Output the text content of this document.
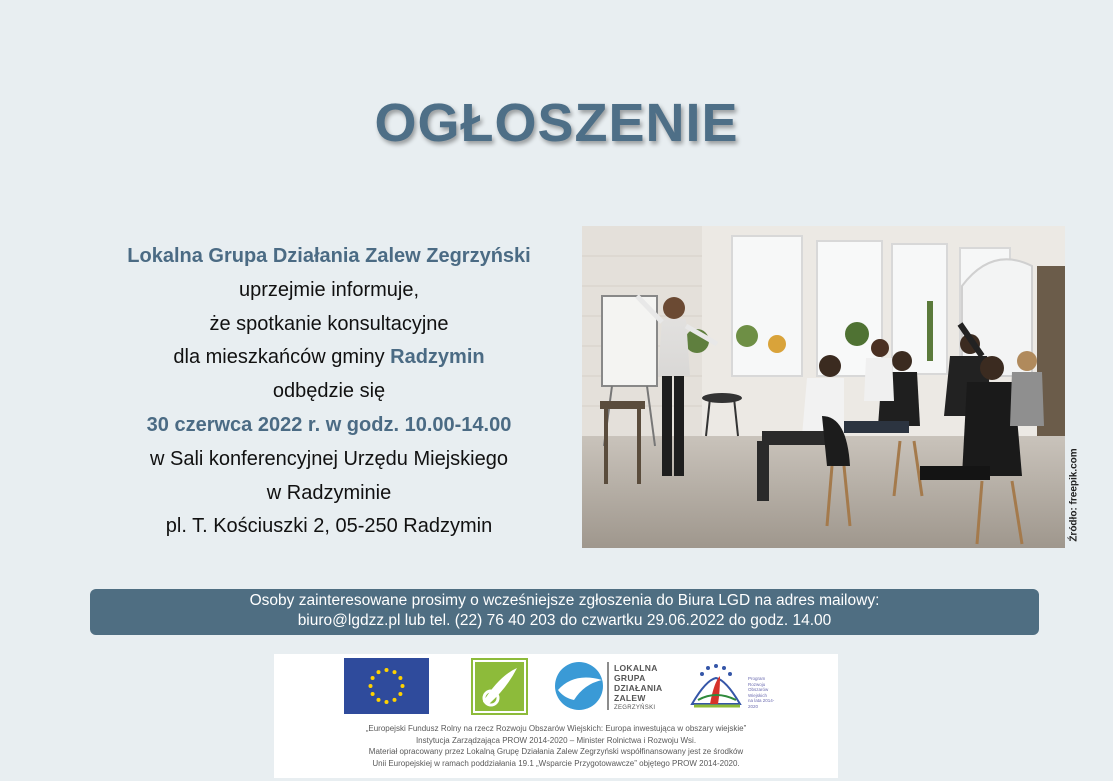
OGŁOSZENIE
Lokalna Grupa Działania Zalew Zegrzyński
uprzejmie informuje,
że spotkanie konsultacyjne
dla mieszkańców gminy Radzymin
odbędzie się
30 czerwca 2022 r. w godz. 10.00-14.00
w Sali konferencyjnej Urzędu Miejskiego
w Radzyminie
pl. T. Kościuszki 2, 05-250 Radzymin	Źródło: freepik.com
Osoby zainteresowane prosimy o wcześniejsze zgłoszenia do Biura LGD na adres mailowy:
biuro@lgdzz.pl lub tel. (22) 76 40 203 do czwartku 29.06.2022 do godz. 14.00
LOKALNA
GRUPA
DZIAŁANIA
ZALEW
ZEGRZYŃSKI
Program
Rozwoju
Obszarów
Wiejskich
na lata 2014-2020
„Europejski Fundusz Rolny na rzecz Rozwoju Obszarów Wiejskich: Europa inwestująca w obszary wiejskie”
Instytucja Zarządzająca PROW 2014-2020 – Minister Rolnictwa i Rozwoju Wsi.
Materiał opracowany przez Lokalną Grupę Działania Zalew Zegrzyński współfinansowany jest ze środków
Unii Europejskiej w ramach poddziałania 19.1 „Wsparcie Przygotowawcze” objętego PROW 2014-2020.
